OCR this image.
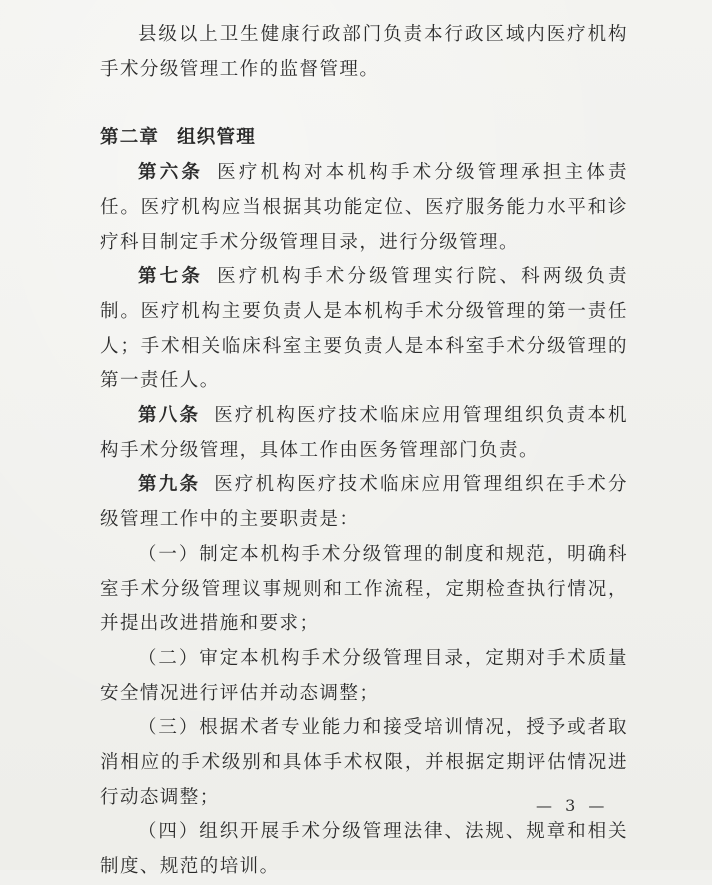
县级以上卫生健康行政部门负责本行政区域内医疗机构手术分级管理工作的监督管理。

第二章 组织管理

第六条 医疗机构对本机构手术分级管理承担主体责任。医疗机构应当根据其功能定位、医疗服务能力水平和诊疗科目制定手术分级管理目录，进行分级管理。

第七条 医疗机构手术分级管理实行院、科两级负责制。医疗机构主要负责人是本机构手术分级管理的第一责任人；手术相关临床科室主要负责人是本科室手术分级管理的第一责任人。

第八条 医疗机构医疗技术临床应用管理组织负责本机构手术分级管理，具体工作由医务管理部门负责。

第九条 医疗机构医疗技术临床应用管理组织在手术分级管理工作中的主要职责是：

（一）制定本机构手术分级管理的制度和规范，明确科室手术分级管理议事规则和工作流程，定期检查执行情况，并提出改进措施和要求；

（二）审定本机构手术分级管理目录，定期对手术质量安全情况进行评估并动态调整；

（三）根据术者专业能力和接受培训情况，授予或者取消相应的手术级别和具体手术权限，并根据定期评估情况进行动态调整；

（四）组织开展手术分级管理法律、法规、规章和相关制度、规范的培训。

— 3 —
